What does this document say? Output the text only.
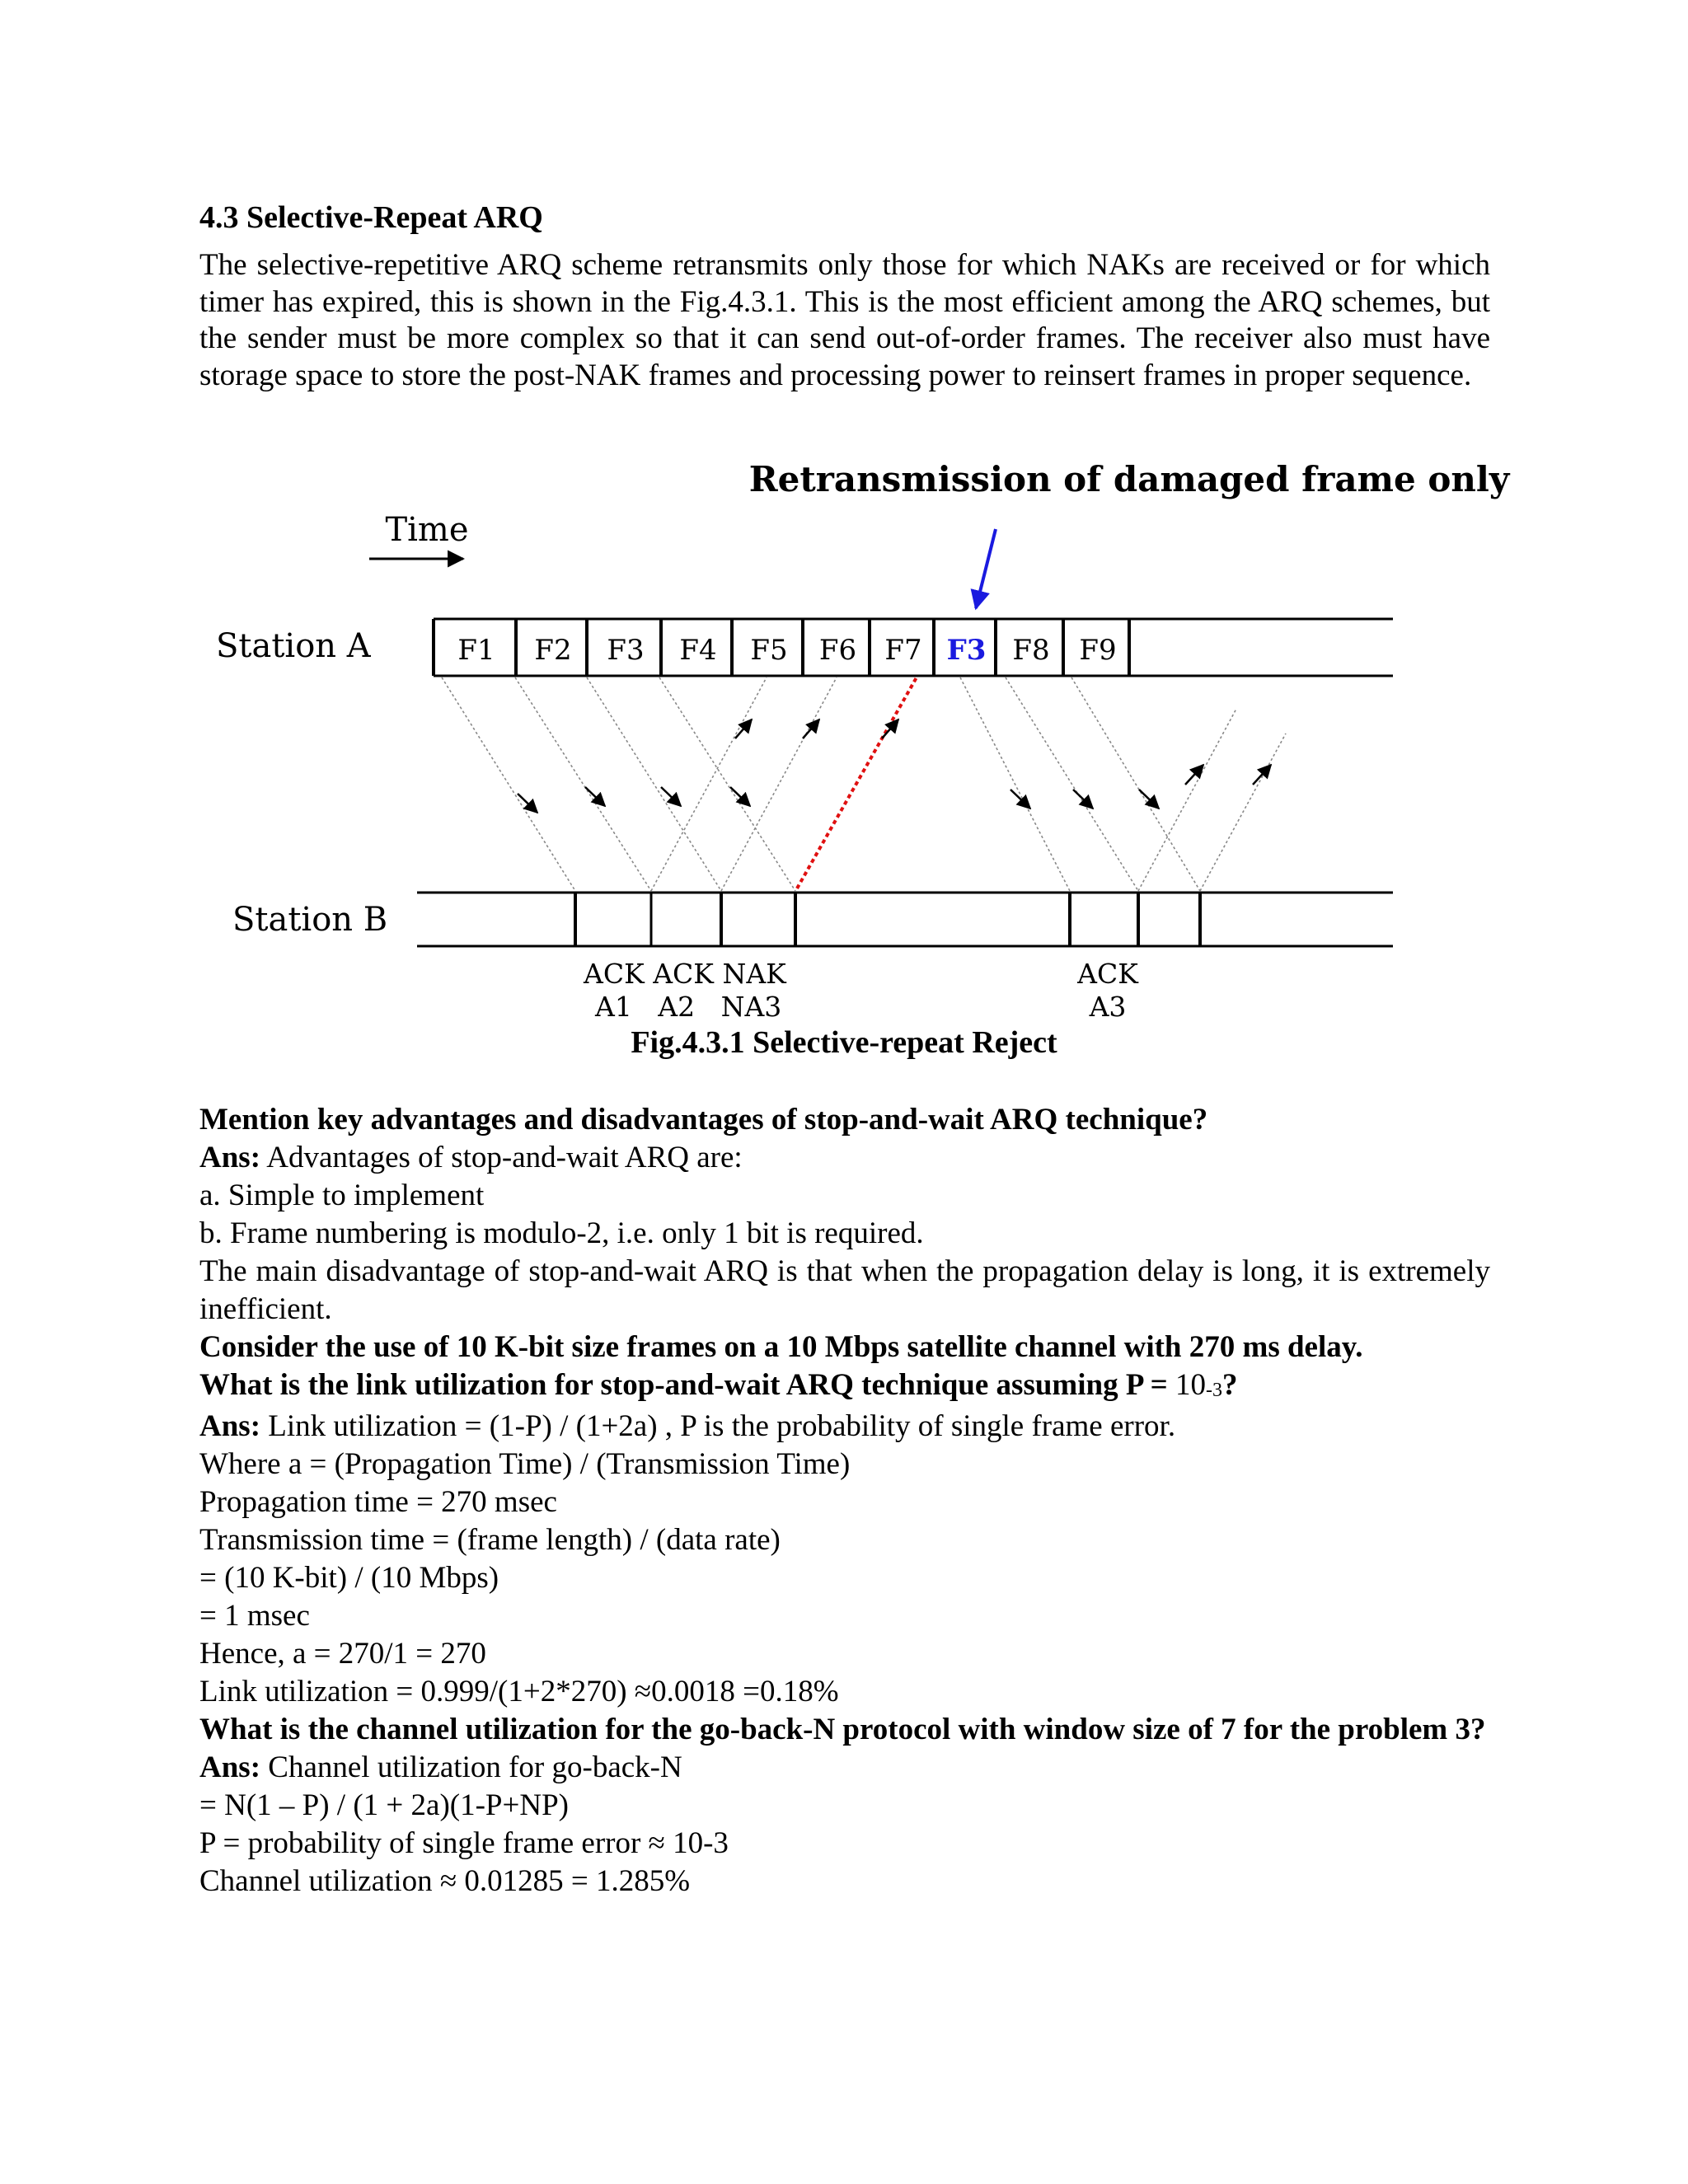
4.3 Selective-Repeat ARQ

The selective-repetitive ARQ scheme retransmits only those for which NAKs are received or for which timer has expired, this is shown in the Fig.4.3.1. This is the most efficient among the ARQ schemes, but the sender must be more complex so that it can send out-of-order frames. The receiver also must have storage space to store the post-NAK frames and processing power to reinsert frames in proper sequence.

Retransmission of damaged frame only
Time
Station A
Station B
F1 F2 F3 F4 F5 F6 F7 F3 F8 F9
ACK ACK NAK
A1   A2   NA3
ACK
A3
Fig.4.3.1 Selective-repeat Reject
Mention key advantages and disadvantages of stop-and-wait ARQ technique?
Ans: Advantages of stop-and-wait ARQ are:
a. Simple to implement
b. Frame numbering is modulo-2, i.e. only 1 bit is required.
The main disadvantage of stop-and-wait ARQ is that when the propagation delay is long, it is extremely inefficient.
Consider the use of 10 K-bit size frames on a 10 Mbps satellite channel with 270 ms delay.
What is the link utilization for stop-and-wait ARQ technique assuming P = 10-3?
Ans: Link utilization = (1-P) / (1+2a) , P is the probability of single frame error.
Where a = (Propagation Time) / (Transmission Time)
Propagation time = 270 msec
Transmission time = (frame length) / (data rate)
= (10 K-bit) / (10 Mbps)
= 1 msec
Hence, a = 270/1 = 270
Link utilization = 0.999/(1+2*270) ≈0.0018 =0.18%
What is the channel utilization for the go-back-N protocol with window size of 7 for the problem 3?
Ans: Channel utilization for go-back-N
= N(1 – P) / (1 + 2a)(1-P+NP)
P = probability of single frame error ≈ 10-3
Channel utilization ≈ 0.01285 = 1.285%
